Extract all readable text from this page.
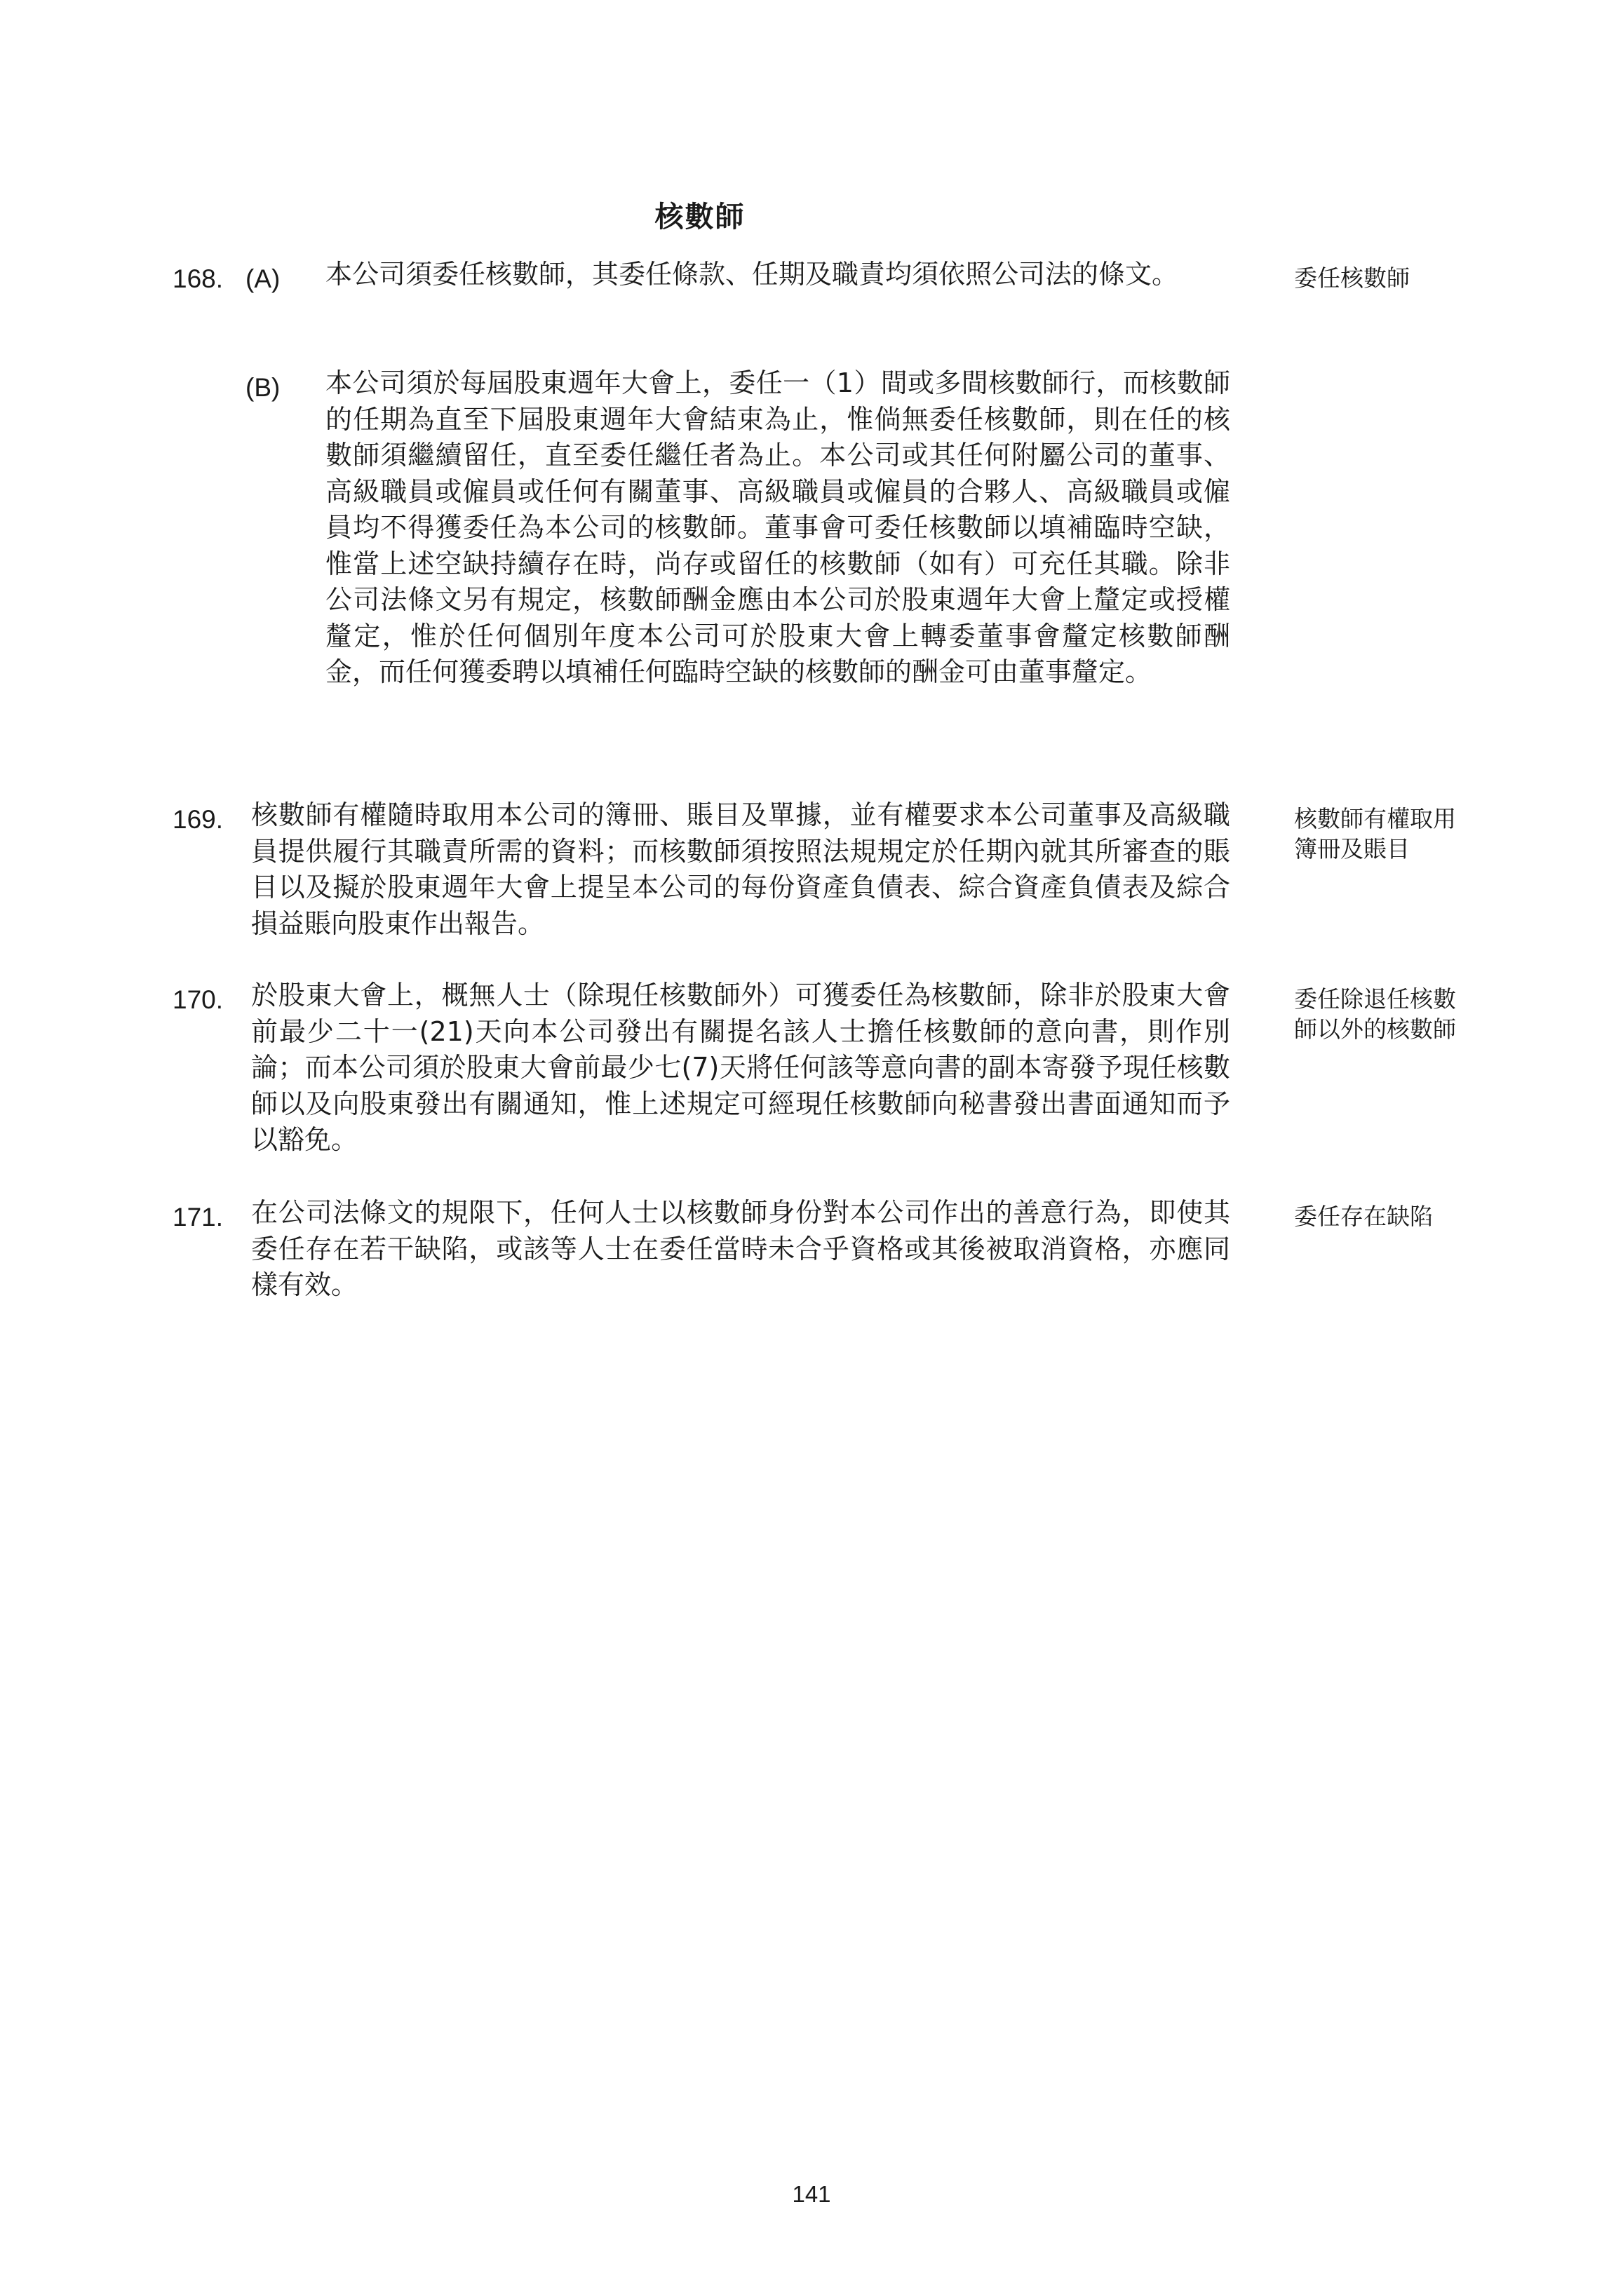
核數師
168. (A) 本公司須委任核數師，其委任條款、任期及職責均須依照公司法的條文。	委任核數師

(B) 本公司須於每屆股東週年大會上，委任一（1）間或多間核數師行，而核數師的任期為直至下屆股東週年大會結束為止，惟倘無委任核數師，則在任的核數師須繼續留任，直至委任繼任者為止。本公司或其任何附屬公司的董事、高級職員或僱員或任何有關董事、高級職員或僱員的合夥人、高級職員或僱員均不得獲委任為本公司的核數師。董事會可委任核數師以填補臨時空缺，惟當上述空缺持續存在時，尚存或留任的核數師（如有）可充任其職。除非公司法條文另有規定，核數師酬金應由本公司於股東週年大會上釐定或授權釐定，惟於任何個別年度本公司可於股東大會上轉委董事會釐定核數師酬金，而任何獲委聘以填補任何臨時空缺的核數師的酬金可由董事釐定。

169. 核數師有權隨時取用本公司的簿冊、賬目及單據，並有權要求本公司董事及高級職員提供履行其職責所需的資料；而核數師須按照法規規定於任期內就其所審查的賬目以及擬於股東週年大會上提呈本公司的每份資產負債表、綜合資產負債表及綜合損益賬向股東作出報告。

核數師有權取用簿冊及賬目

170. 於股東大會上，概無人士（除現任核數師外）可獲委任為核數師，除非於股東大會前最少二十一(21)天向本公司發出有關提名該人士擔任核數師的意向書，則作別論；而本公司須於股東大會前最少七(7)天將任何該等意向書的副本寄發予現任核數師以及向股東發出有關通知，惟上述規定可經現任核數師向秘書發出書面通知而予以豁免。

委任除退任核數師以外的核數師

171. 在公司法條文的規限下，任何人士以核數師身份對本公司作出的善意行為，即使其委任存在若干缺陷，或該等人士在委任當時未合乎資格或其後被取消資格，亦應同樣有效。

委任存在缺陷

141
